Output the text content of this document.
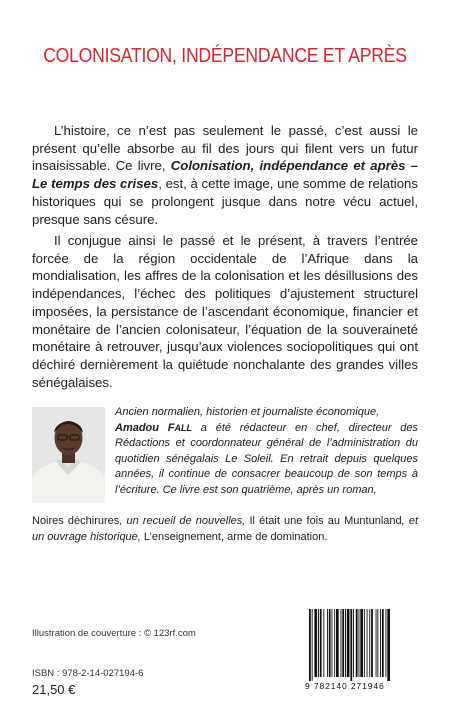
COLONISATION, INDÉPENDANCE ET APRÈS

L’histoire, ce n’est pas seulement le passé, c’est aussi le présent qu’elle absorbe au fil des jours qui filent vers un futur insaisissable. Ce livre, Colonisation, indépendance et après – Le temps des crises, est, à cette image, une somme de relations historiques qui se prolongent jusque dans notre vécu actuel, presque sans césure.

Il conjugue ainsi le passé et le présent, à travers l’entrée forcée de la région occidentale de l’Afrique dans la mondialisation, les affres de la colonisation et les désillusions des indépendances, l’échec des politiques d’ajustement structurel imposées, la persistance de l’ascendant économique, financier et monétaire de l’ancien colonisateur, l’équation de la souveraineté monétaire à retrouver, jusqu’aux violences sociopolitiques qui ont déchiré dernièrement la quiétude nonchalante des grandes villes sénégalaises.

Ancien normalien, historien et journaliste économique,
Amadou FALL a été rédacteur en chef, directeur des Rédactions et coordonnateur général de l’administration du quotidien sénégalais Le Soleil. En retrait depuis quelques années, il continue de consacrer beaucoup de son temps à l’écriture. Ce livre est son quatrième, après un roman,

Noires déchirures, un recueil de nouvelles, Il était une fois au Muntunland, et un ouvrage historique, L’enseignement, arme de domination.

Illustration de couverture : © 123rf.com
ISBN : 978-2-14-027194-6
21,50 €	9 782140 271946
